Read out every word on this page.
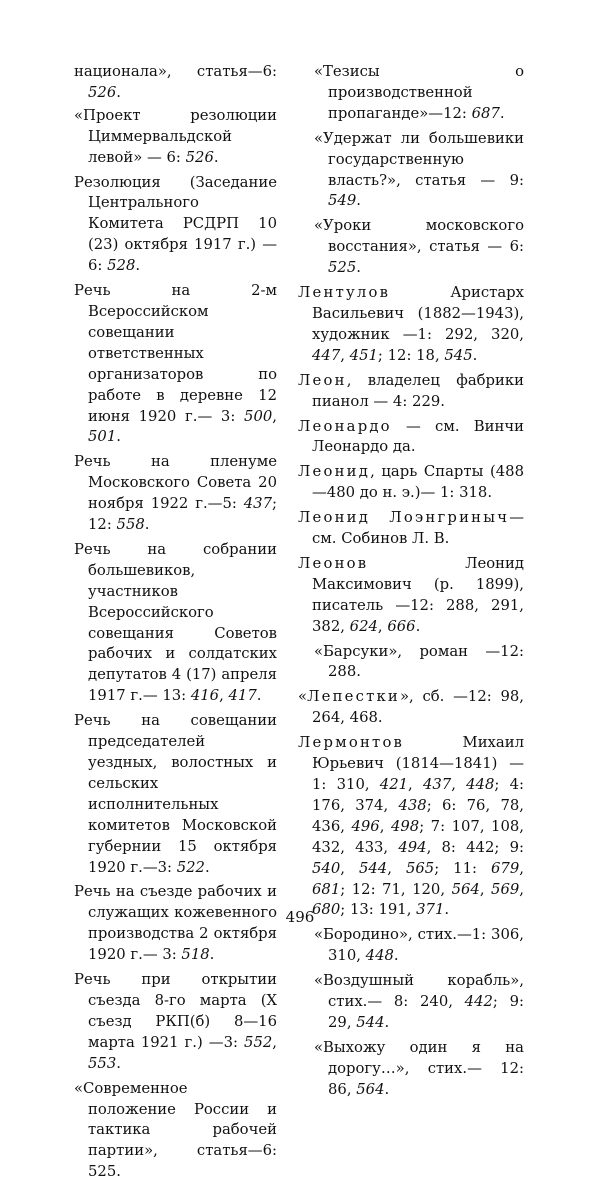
национала», статья—6: 526.
«Проект резолюции Циммервальдской левой» — 6: 526.
Резолюция (Заседание Центрального Комитета РСДРП 10 (23) октября 1917 г.) —6: 528.
Речь на 2-м Всероссийском совещании ответственных организаторов по работе в деревне 12 июня 1920 г.— 3: 500, 501.
Речь на пленуме Московского Совета 20 ноября 1922 г.—5: 437; 12: 558.
Речь на собрании большевиков, участников Всероссийского совещания Советов рабочих и солдатских депутатов 4 (17) апреля 1917 г.— 13: 416, 417.
Речь на совещании председателей уездных, волостных и сельских исполнительных комитетов Московской губернии 15 октября 1920 г.—3: 522.
Речь на съезде рабочих и служащих кожевенного производства 2 октября 1920 г.— 3: 518.
Речь при открытии съезда 8-го марта (X съезд РКП(б) 8—16 марта 1921 г.) —3: 552, 553.
«Современное положение России и тактика рабочей партии», статья—6: 525.
«Тезисы о производственной пропаганде»—12: 687.
«Удержат ли большевики государственную власть?», статья — 9: 549.
«Уроки московского восстания», статья — 6: 525.
Лентулов Аристарх Васильевич (1882—1943), художник —1: 292, 320, 447, 451; 12: 18, 545.
Леон, владелец фабрики пианол — 4: 229.
Леонардо — см. Винчи Леонардо да.
Леонид, царь Спарты (488—480 до н. э.)— 1: 318.
Леонид Лоэнгриныч— см. Собинов Л. В.
Леонов Леонид Максимович (р. 1899), писатель —12: 288, 291, 382, 624, 666.
«Барсуки», роман —12: 288.
«Лепестки», сб. —12: 98, 264, 468.
Лермонтов Михаил Юрьевич (1814—1841) —1: 310, 421, 437, 448; 4: 176, 374, 438; 6: 76, 78, 436, 496, 498; 7: 107, 108, 432, 433, 494, 8: 442; 9: 540, 544, 565; 11: 679, 681; 12: 71, 120, 564, 569, 680; 13: 191, 371.
«Бородино», стих.—1: 306, 310, 448.
«Воздушный корабль», стих.— 8: 240, 442; 9: 29, 544.
«Выхожу один я на дорогу…», стих.— 12: 86, 564.
496
